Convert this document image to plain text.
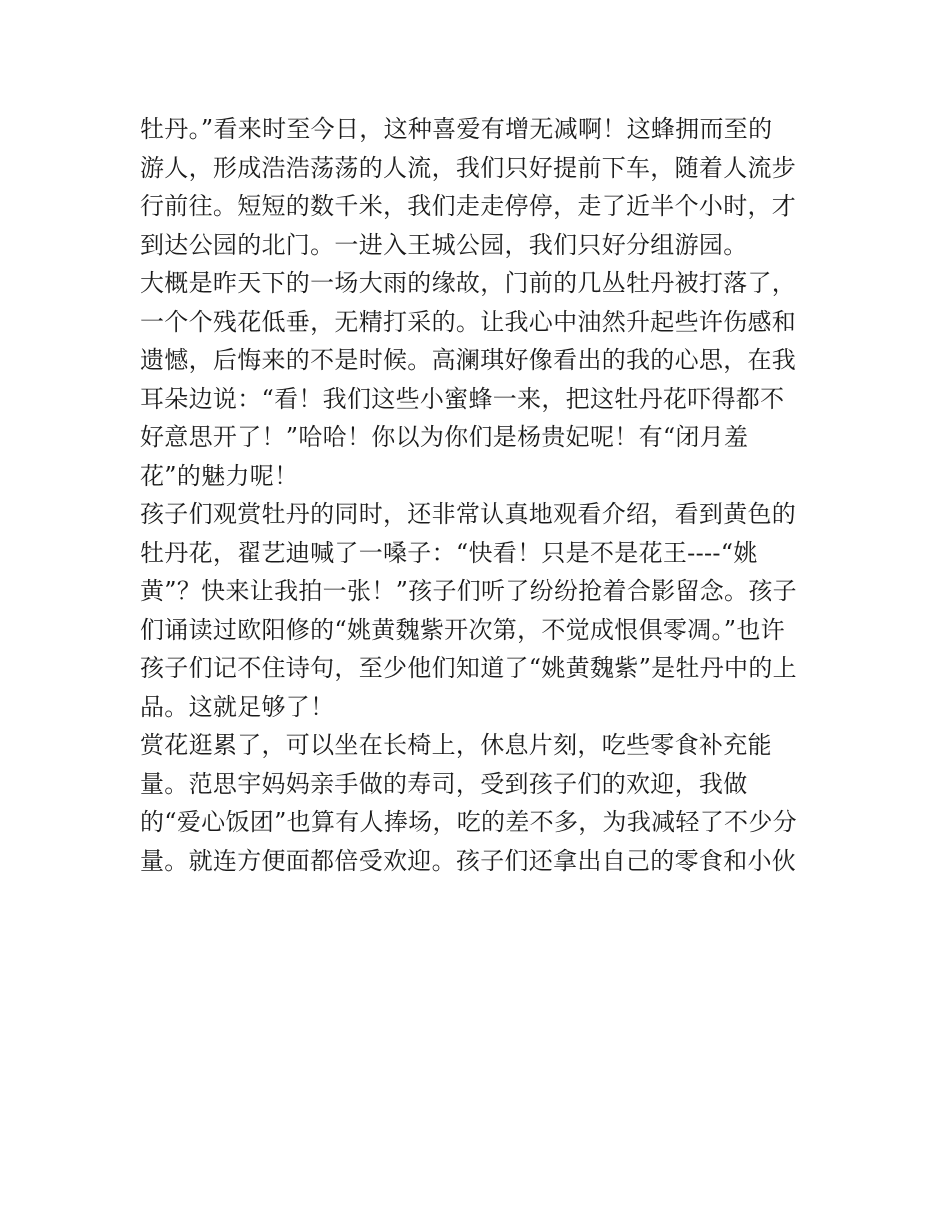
牡丹。”看来时至今日，这种喜爱有增无减啊！这蜂拥而至的
游人，形成浩浩荡荡的人流，我们只好提前下车，随着人流步
行前往。短短的数千米，我们走走停停，走了近半个小时，才
到达公园的北门。一进入王城公园，我们只好分组游园。
大概是昨天下的一场大雨的缘故，门前的几丛牡丹被打落了，
一个个残花低垂，无精打采的。让我心中油然升起些许伤感和
遗憾，后悔来的不是时候。高澜琪好像看出的我的心思，在我
耳朵边说：“看！我们这些小蜜蜂一来，把这牡丹花吓得都不
好意思开了！”哈哈！你以为你们是杨贵妃呢！有“闭月羞
花”的魅力呢！
孩子们观赏牡丹的同时，还非常认真地观看介绍，看到黄色的
牡丹花，翟艺迪喊了一嗓子：“快看！只是不是花王----“姚
黄”？快来让我拍一张！”孩子们听了纷纷抢着合影留念。孩子
们诵读过欧阳修的“姚黄魏紫开次第，不觉成恨俱零凋。”也许
孩子们记不住诗句，至少他们知道了“姚黄魏紫”是牡丹中的上
品。这就足够了！
赏花逛累了，可以坐在长椅上，休息片刻，吃些零食补充能
量。范思宇妈妈亲手做的寿司，受到孩子们的欢迎，我做
的“爱心饭团”也算有人捧场，吃的差不多，为我减轻了不少分
量。就连方便面都倍受欢迎。孩子们还拿出自己的零食和小伙
